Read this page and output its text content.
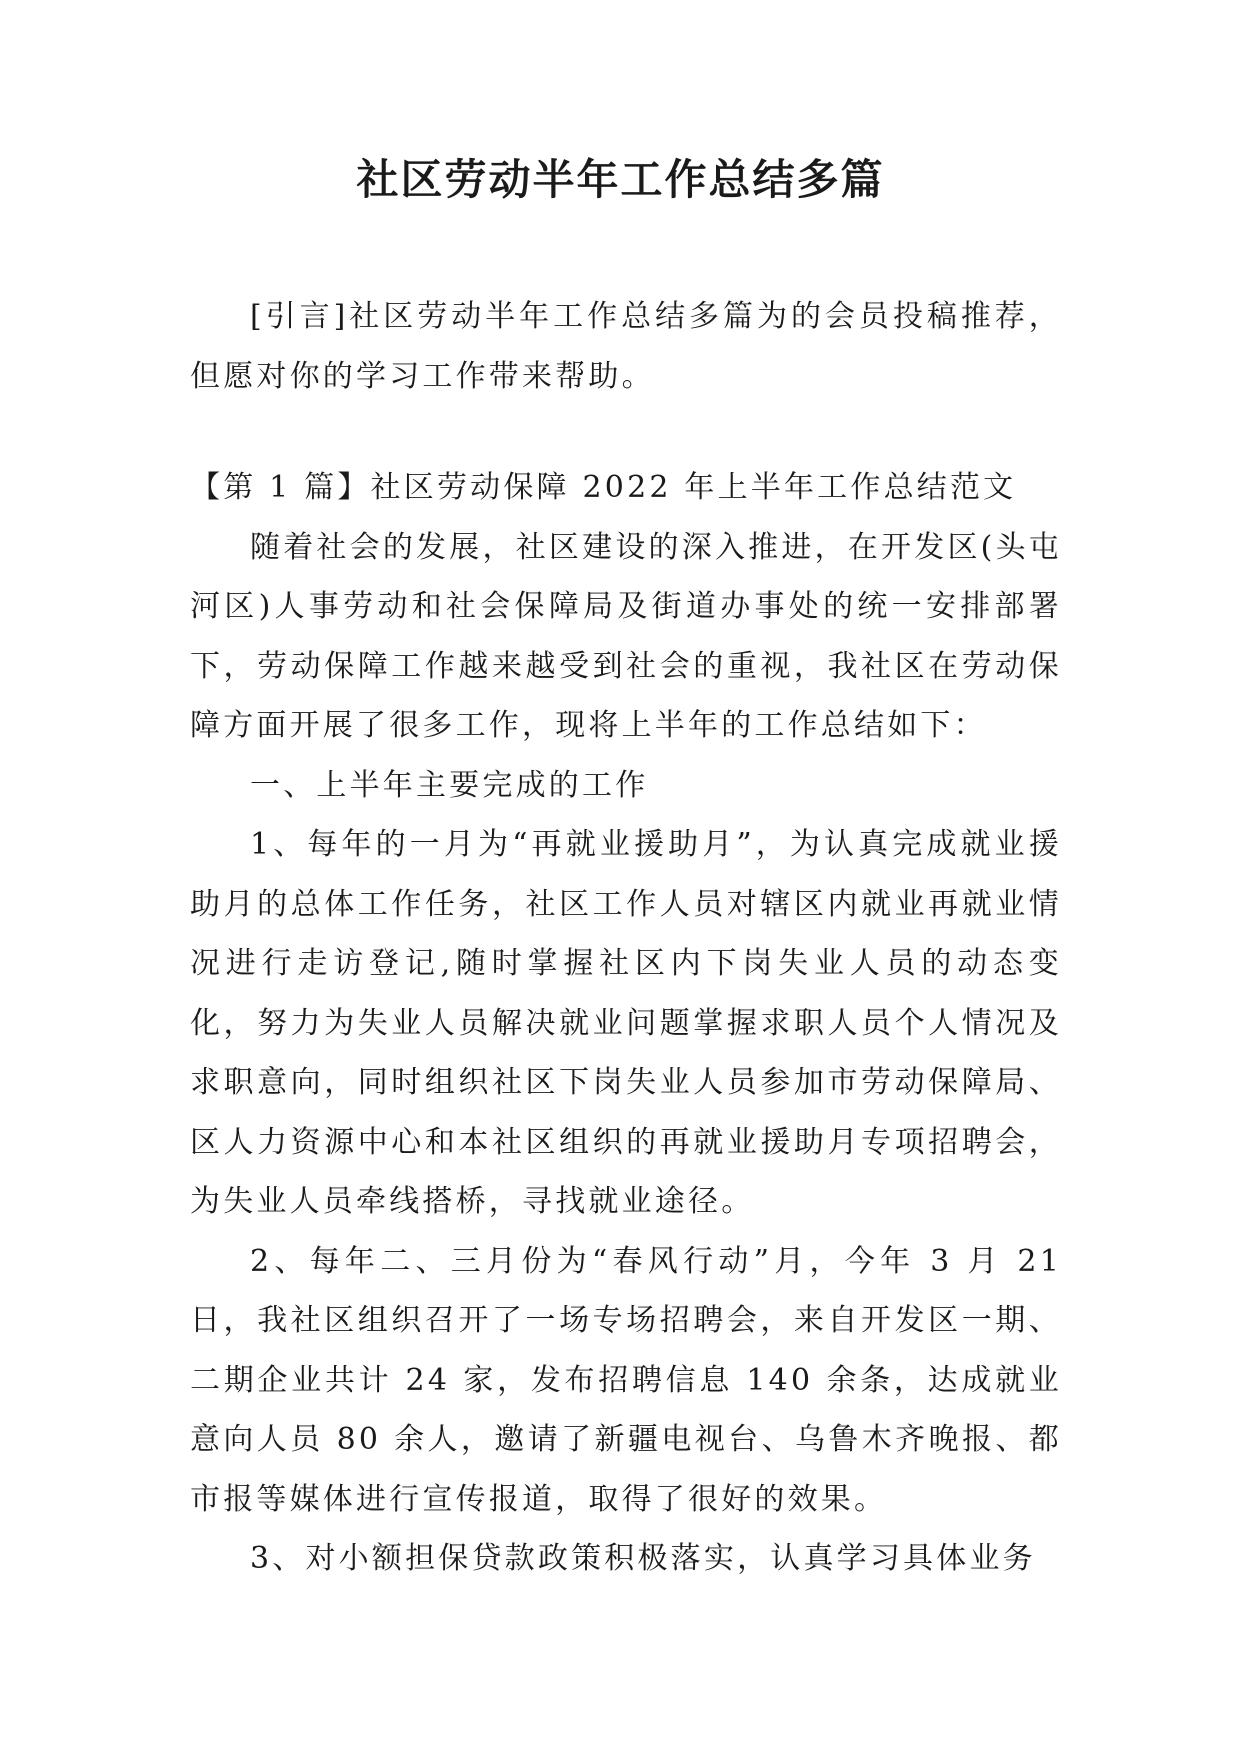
社区劳动半年工作总结多篇

[引言]社区劳动半年工作总结多篇为的会员投稿推荐，但愿对你的学习工作带来帮助。

【第 1 篇】社区劳动保障 2022 年上半年工作总结范文

随着社会的发展，社区建设的深入推进，在开发区(头屯河区)人事劳动和社会保障局及街道办事处的统一安排部署下，劳动保障工作越来越受到社会的重视，我社区在劳动保障方面开展了很多工作，现将上半年的工作总结如下：

一、上半年主要完成的工作

1、每年的一月为“再就业援助月”，为认真完成就业援助月的总体工作任务，社区工作人员对辖区内就业再就业情况进行走访登记,随时掌握社区内下岗失业人员的动态变化，努力为失业人员解决就业问题掌握求职人员个人情况及求职意向，同时组织社区下岗失业人员参加市劳动保障局、区人力资源中心和本社区组织的再就业援助月专项招聘会，为失业人员牵线搭桥，寻找就业途径。

2、每年二、三月份为“春风行动”月，今年 3 月 21 日，我社区组织召开了一场专场招聘会，来自开发区一期、二期企业共计 24 家，发布招聘信息 140 余条，达成就业意向人员 80 余人，邀请了新疆电视台、乌鲁木齐晚报、都市报等媒体进行宣传报道，取得了很好的效果。

3、对小额担保贷款政策积极落实，认真学习具体业务
